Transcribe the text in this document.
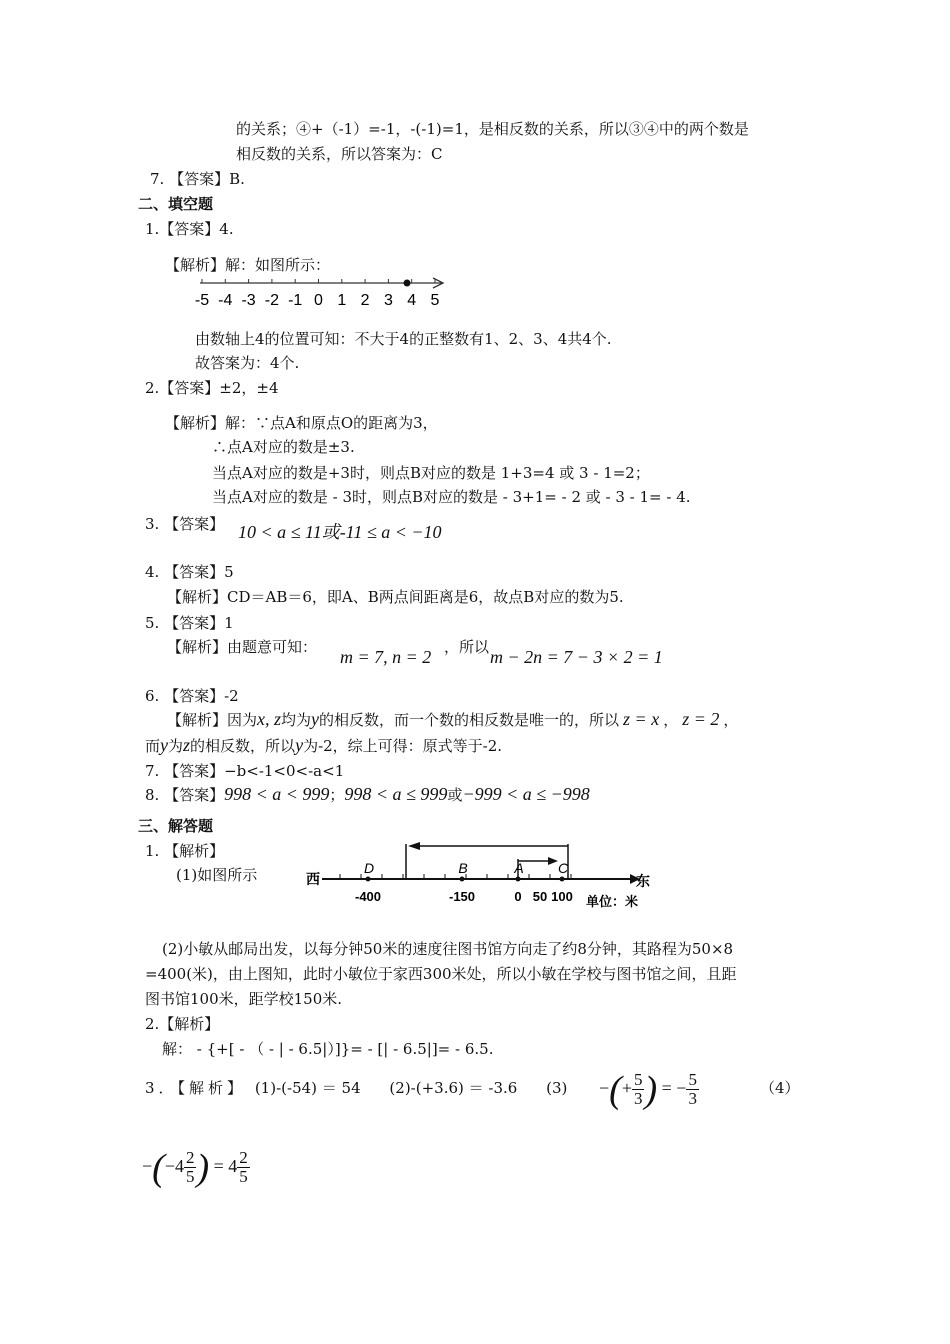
的关系；④+（-1）=-1，-(-1)=1，是相反数的关系，所以③④中的两个数是
相反数的关系，所以答案为：C
7. 【答案】B.
二、填空题
1.【答案】4.
【解析】解：如图所示：
-5 -4 -3 -2 -1 0 1 2 3 4 5
由数轴上4的位置可知：不大于4的正整数有1、2、3、4共4个.
故答案为：4个.
2.【答案】±2，±4
【解析】解：∵点A和原点O的距离为3，
∴点A对应的数是±3.
当点A对应的数是+3时，则点B对应的数是 1+3=4 或 3 - 1=2；
当点A对应的数是 - 3时，则点B对应的数是 - 3+1= - 2 或 - 3 - 1= - 4.
3. 【答案】 10 < a ≤ 11或-11 ≤ a < −10
4. 【答案】5
【解析】CD＝AB＝6，即A、B两点间距离是6，故点B对应的数为5.
5. 【答案】1
【解析】由题意可知： m = 7, n = 2 ，所以 m − 2n = 7 − 3 × 2 = 1
6. 【答案】-2
【解析】因为x, z均为y的相反数，而一个数的相反数是唯一的，所以 z = x ， z = 2 ，
而y为z的相反数，所以y为-2，综上可得：原式等于-2.
7. 【答案】−b<-1<0<-a<1
8. 【答案】998 < a < 999；998 < a ≤ 999或−999 < a ≤ −998
三、解答题
1. 【解析】
(1)如图所示
-400	-150	0 50 100
西	东
单位：米
D	B	A C
(2)小敏从邮局出发，以每分钟50米的速度往图书馆方向走了约8分钟，其路程为50×8
=400(米)，由上图知，此时小敏位于家西300米处，所以小敏在学校与图书馆之间，且距
图书馆100米，距学校150米.
2.【解析】
解： - {+[ - （ - | - 6.5|）]}= - [| - 6.5|]= - 6.5.
3．【解析】 (1)-(-54) ＝ 54 (2)-(+3.6) ＝ -3.6 (3) −(+ $\frac{5}{3}$ ) = − $\frac{5}{3}$	（4）
$-(-4 \frac{2}{5}$ ) = $4 \frac{2}{5}$
